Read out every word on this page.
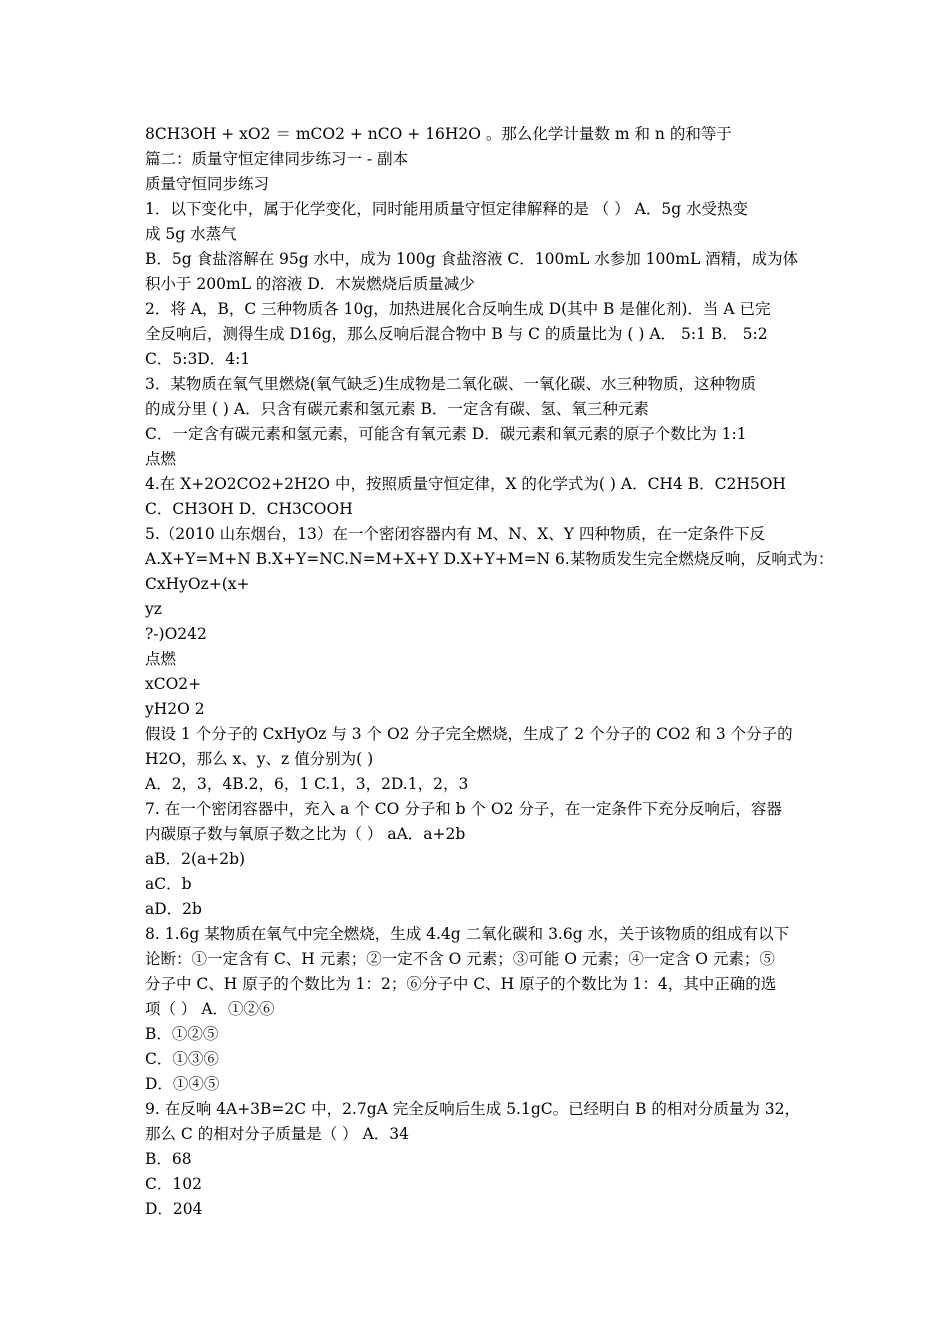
8CH3OH + xO2 ＝ mCO2 + nCO + 16H2O 。那么化学计量数 m 和 n 的和等于
篇二：质量守恒定律同步练习一 - 副本
质量守恒同步练习
1．以下变化中，属于化学变化，同时能用质量守恒定律解释的是 （ ） A．5g 水受热变
成 5g 水蒸气
B．5g 食盐溶解在 95g 水中，成为 100g 食盐溶液 C．100mL 水参加 100mL 酒精，成为体
积小于 200mL 的溶液 D．木炭燃烧后质量减少
2．将 A，B，C 三种物质各 10g，加热进展化合反响生成 D(其中 B 是催化剂)．当 A 已完
全反响后，测得生成 D16g，那么反响后混合物中 B 与 C 的质量比为 ( ) A． 5:1 B． 5:2
C．5:3D．4:1
3．某物质在氧气里燃烧(氧气缺乏)生成物是二氧化碳、一氧化碳、水三种物质，这种物质
的成分里 ( ) A．只含有碳元素和氢元素 B．一定含有碳、氢、氧三种元素
C．一定含有碳元素和氢元素，可能含有氧元素 D．碳元素和氧元素的原子个数比为 1:1
点燃
4.在 X+2O2CO2+2H2O 中，按照质量守恒定律，X 的化学式为( ) A．CH4 B．C2H5OH
C．CH3OH D．CH3COOH
5.（2010 山东烟台，13）在一个密闭容器内有 M、N、X、Y 四种物质，在一定条件下反
A.X+Y=M+N B.X+Y=NC.N=M+X+Y D.X+Y+M=N 6.某物质发生完全燃烧反响，反响式为：
CxHyOz+(x+
yz
?-)O242
点燃
xCO2+
yH2O 2
假设 1 个分子的 CxHyOz 与 3 个 O2 分子完全燃烧，生成了 2 个分子的 CO2 和 3 个分子的
H2O，那么 x、y、z 值分别为( )
A．2，3，4B.2，6，1 C.1，3，2D.1，2，3
7. 在一个密闭容器中，充入 a 个 CO 分子和 b 个 O2 分子，在一定条件下充分反响后，容器
内碳原子数与氧原子数之比为（ ） aA．a+2b
aB．2(a+2b)
aC．b
aD．2b
8. 1.6g 某物质在氧气中完全燃烧，生成 4.4g 二氧化碳和 3.6g 水，关于该物质的组成有以下
论断：①一定含有 C、H 元素；②一定不含 O 元素；③可能 O 元素；④一定含 O 元素；⑤
分子中 C、H 原子的个数比为 1：2；⑥分子中 C、H 原子的个数比为 1：4，其中正确的选
项（ ） A．①②⑥
B．①②⑤
C．①③⑥
D．①④⑤
9. 在反响 4A+3B=2C 中，2.7gA 完全反响后生成 5.1gC。已经明白 B 的相对分质量为 32，
那么 C 的相对分子质量是（ ） A．34
B．68
C．102
D．204
